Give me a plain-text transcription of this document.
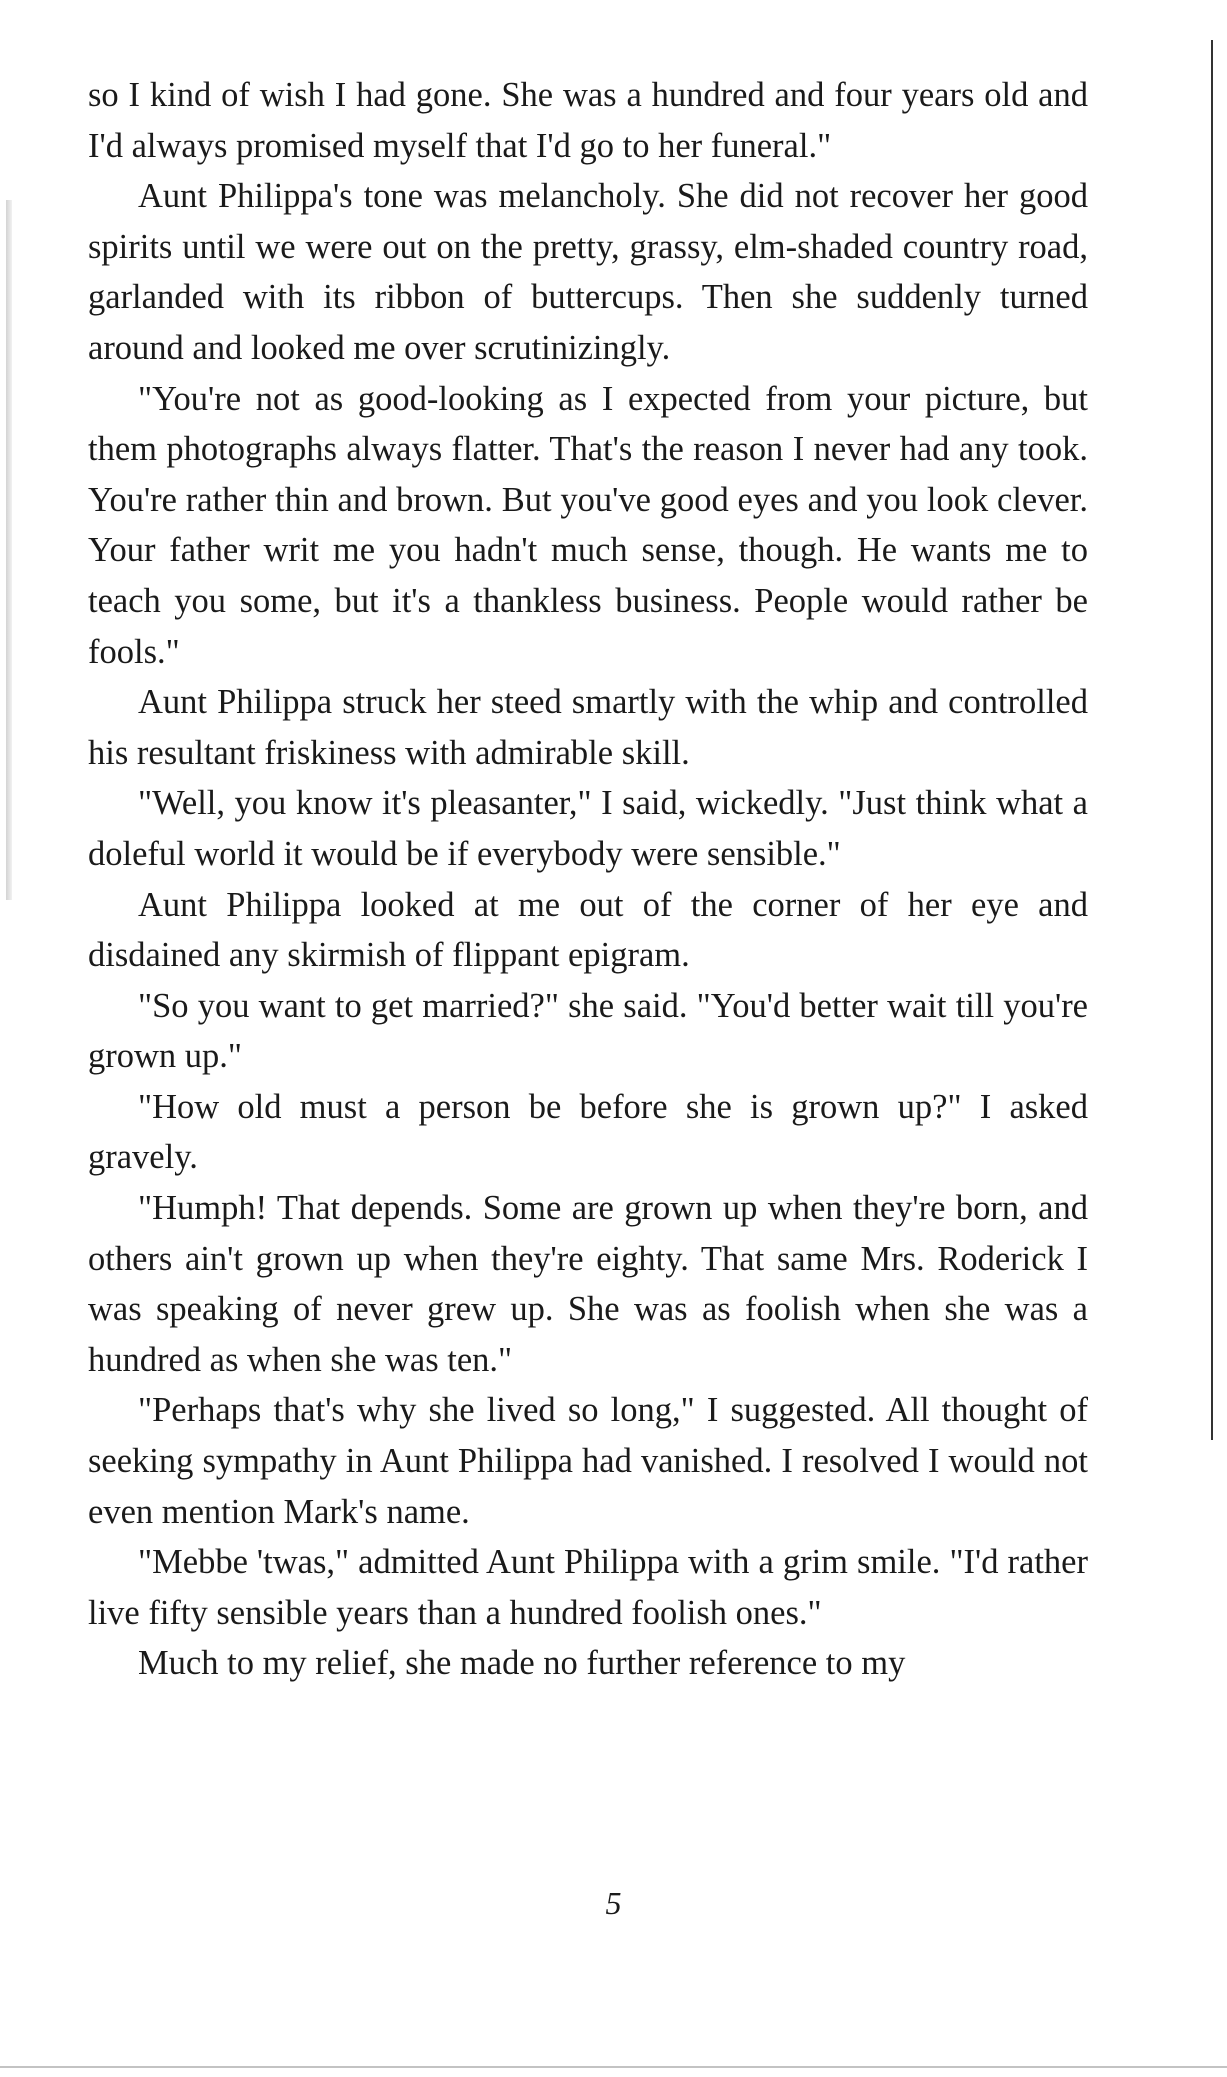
so I kind of wish I had gone. She was a hundred and four years old and I'd always promised myself that I'd go to her funeral."

Aunt Philippa's tone was melancholy. She did not recover her good spirits until we were out on the pretty, grassy, elm-shaded country road, garlanded with its ribbon of buttercups. Then she suddenly turned around and looked me over scrutinizingly.

"You're not as good-looking as I expected from your picture, but them photographs always flatter. That's the reason I never had any took. You're rather thin and brown. But you've good eyes and you look clever. Your father writ me you hadn't much sense, though. He wants me to teach you some, but it's a thankless business. People would rather be fools."

Aunt Philippa struck her steed smartly with the whip and controlled his resultant friskiness with admirable skill.

"Well, you know it's pleasanter," I said, wickedly. "Just think what a doleful world it would be if everybody were sensible."

Aunt Philippa looked at me out of the corner of her eye and disdained any skirmish of flippant epigram.

"So you want to get married?" she said. "You'd better wait till you're grown up."

"How old must a person be before she is grown up?" I asked gravely.

"Humph! That depends. Some are grown up when they're born, and others ain't grown up when they're eighty. That same Mrs. Roderick I was speaking of never grew up. She was as foolish when she was a hundred as when she was ten."

"Perhaps that's why she lived so long," I suggested. All thought of seeking sympathy in Aunt Philippa had vanished. I resolved I would not even mention Mark's name.

"Mebbe 'twas," admitted Aunt Philippa with a grim smile. "I'd rather live fifty sensible years than a hundred foolish ones."

Much to my relief, she made no further reference to my

5
